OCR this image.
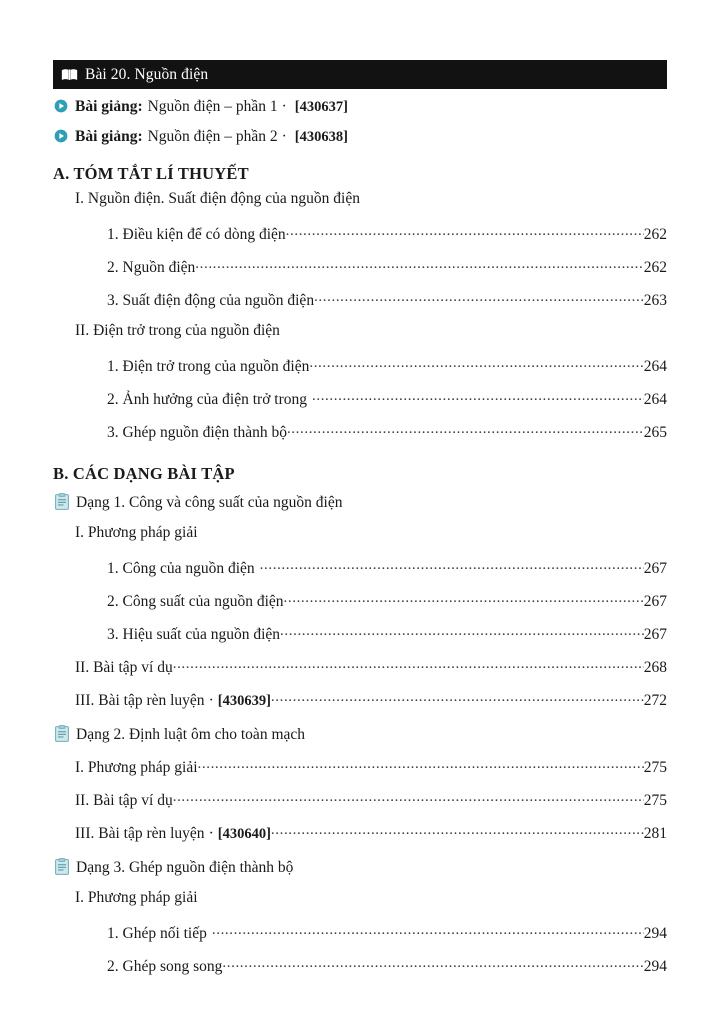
Bài 20. Nguồn điện
Bài giảng: Nguồn điện – phần 1 · [430637]
Bài giảng: Nguồn điện – phần 2 · [430638]
A. TÓM TẮT LÍ THUYẾT
I. Nguồn điện. Suất điện động của nguồn điện
1. Điều kiện để có dòng điện .....	262
2. Nguồn điện .....	262
3. Suất điện động của nguồn điện .....	263
II. Điện trở trong của nguồn điện
1. Điện trở trong của nguồn điện .....	264
2. Ảnh hưởng của điện trở trong .....	264
3. Ghép nguồn điện thành bộ .....	265
B. CÁC DẠNG BÀI TẬP
Dạng 1. Công và công suất của nguồn điện
I. Phương pháp giải
1. Công của nguồn điện .....	267
2. Công suất của nguồn điện .....	267
3. Hiệu suất của nguồn điện .....	267
II. Bài tập ví dụ .....	268
III. Bài tập rèn luyện · [430639] .....	272
Dạng 2. Định luật ôm cho toàn mạch
I. Phương pháp giải .....	275
II. Bài tập ví dụ .....	275
III. Bài tập rèn luyện · [430640] .....	281
Dạng 3. Ghép nguồn điện thành bộ
I. Phương pháp giải
1. Ghép nối tiếp .....	294
2. Ghép song song .....	294
